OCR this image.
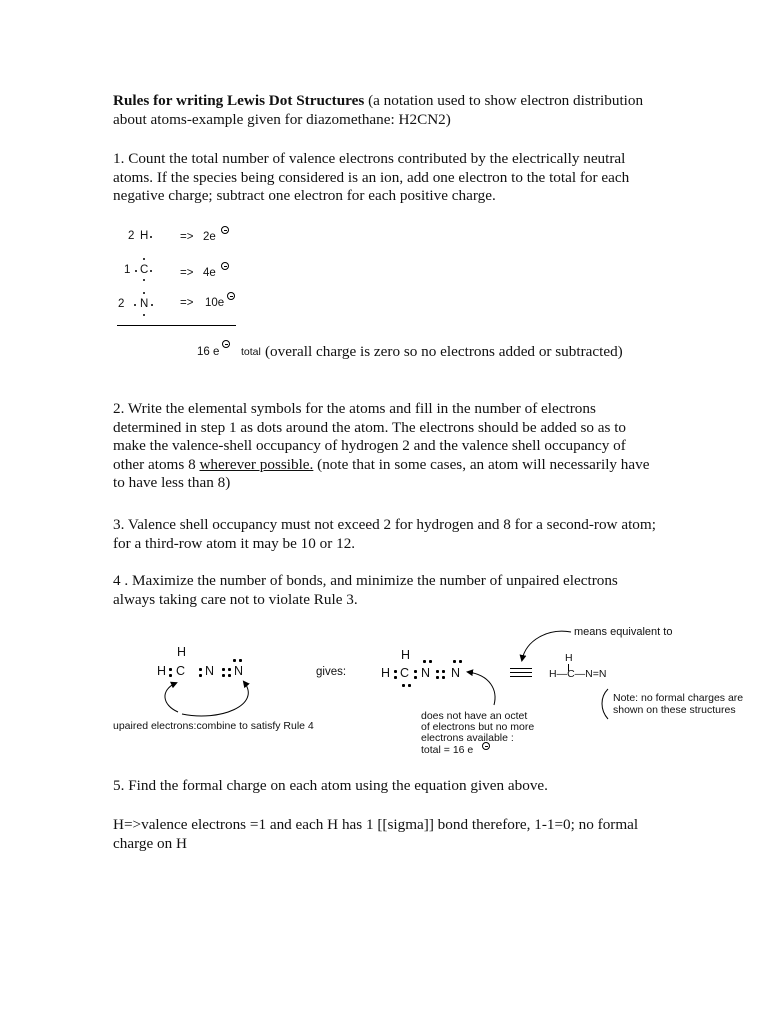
Rules for writing Lewis Dot Structures (a notation used to show electron distribution about atoms-example given for diazomethane: H2CN2)
1. Count the total number of valence electrons contributed by the electrically neutral atoms. If the species being considered is an ion, add one electron to the total for each negative charge; subtract one electron for each positive charge.
2 H	=> 2e
1 C	=> 4e
2 N	=> 10e
16 e total (overall charge is zero so no electrons added or subtracted)
2. Write the elemental symbols for the atoms and fill in the number of electrons determined in step 1 as dots around the atom. The electrons should be added so as to make the valence-shell occupancy of hydrogen 2 and the valence shell occupancy of other atoms 8 wherever possible. (note that in some cases, an atom will necessarily have to have less than 8)
3. Valence shell occupancy must not exceed 2 for hydrogen and 8 for a second-row atom; for a third-row atom it may be 10 or 12.
4 . Maximize the number of bonds, and minimize the number of unpaired electrons always taking care not to violate Rule 3.
H
H C N N
upaired electrons:combine to satisfy Rule 4
gives:
H
H C N N
does not have an octet
of electrons but no more
electrons available :
total = 16 e
means equivalent to
H
H—C—N=N
Note: no formal charges are
shown on these structures
5. Find the formal charge on each atom using the equation given above.
H=>valence electrons =1 and each H has 1 [[sigma]] bond therefore, 1-1=0; no formal charge on H
